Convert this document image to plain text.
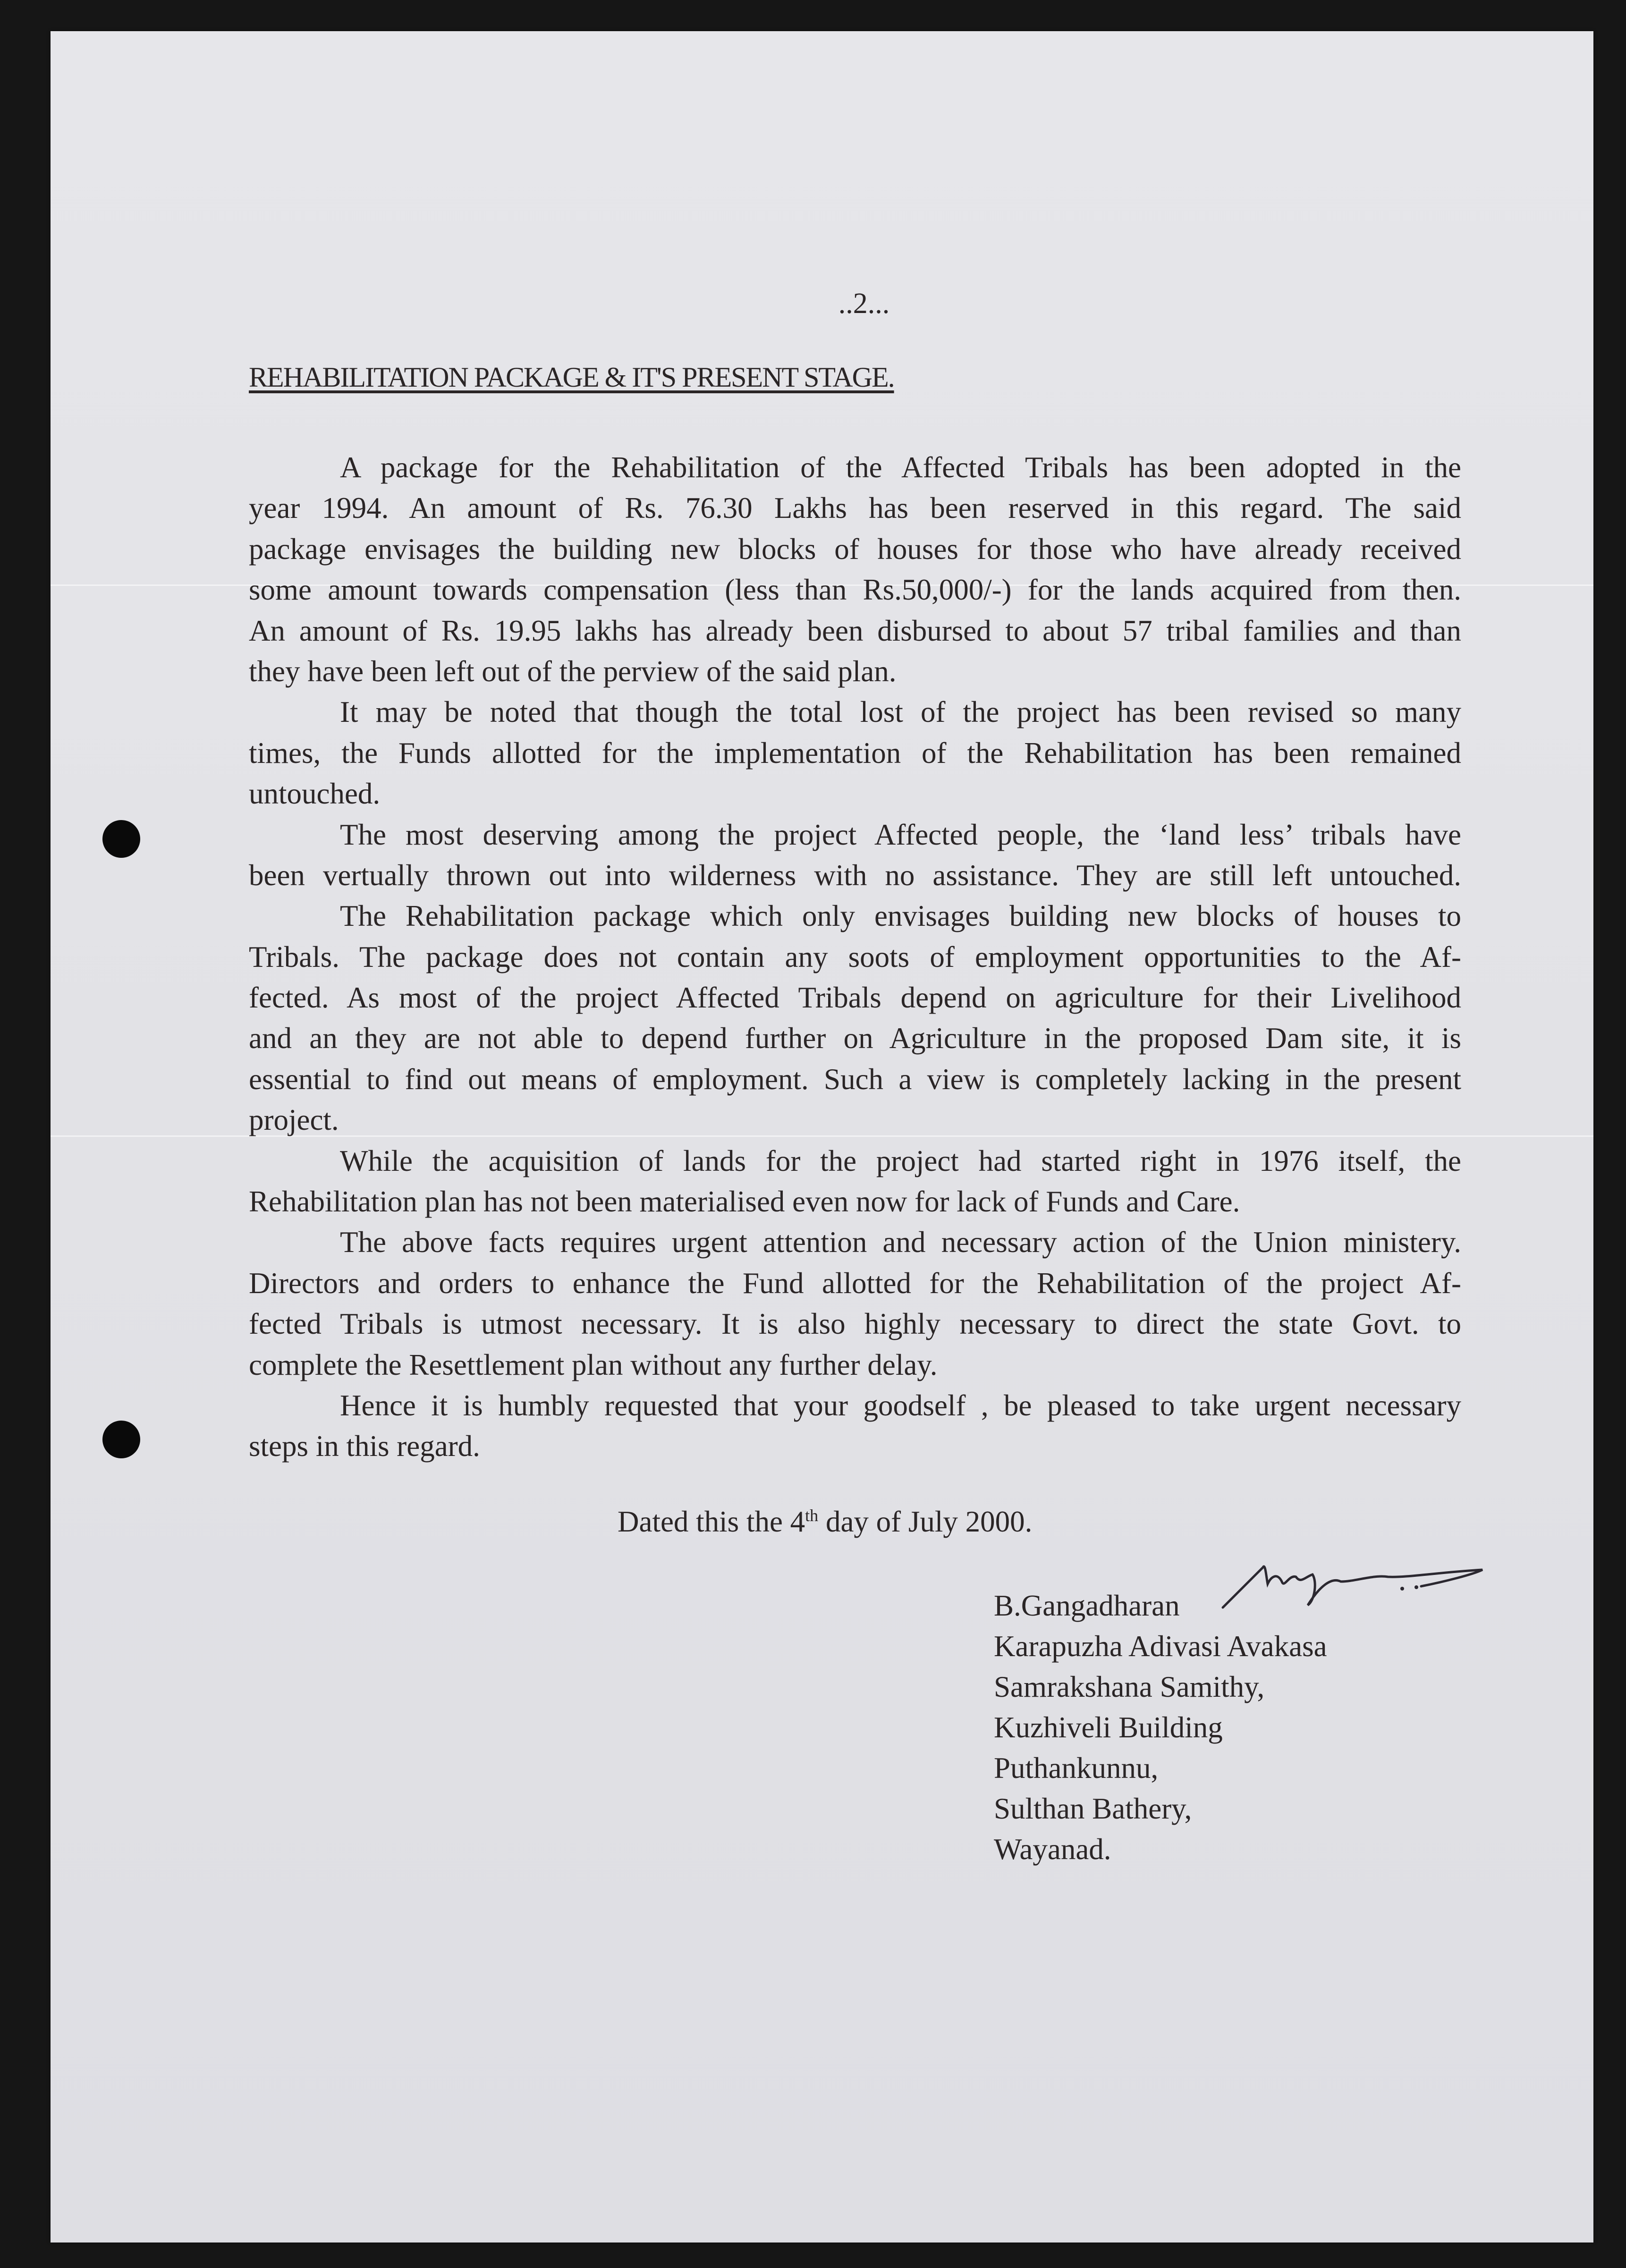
..2...
REHABILITATION PACKAGE & IT'S PRESENT STAGE.
A package for the Rehabilitation of the Affected Tribals has been adopted in the
year 1994. An amount of Rs. 76.30 Lakhs has been reserved in this regard. The said
package envisages the building new blocks of houses for those who have already received
some amount towards compensation (less than Rs.50,000/-) for the lands acquired from then.
An amount of Rs. 19.95 lakhs has already been disbursed to about 57 tribal families and than
they have been left out of the perview of the said plan.
It may be noted that though the total lost of the project has been revised so many
times, the Funds allotted for the implementation of the Rehabilitation has been remained
untouched.
The most deserving among the project Affected people, the ‘land less’ tribals have
been vertually thrown out into wilderness with no assistance. They are still left untouched.
The Rehabilitation package which only envisages building new blocks of houses to
Tribals. The package does not contain any soots of employment opportunities to the Af-
fected. As most of the project Affected Tribals depend on agriculture for their Livelihood
and an they are not able to depend further on Agriculture in the proposed Dam site, it is
essential to find out means of employment. Such a view is completely lacking in the present
project.
While the acquisition of lands for the project had started right in 1976 itself, the
Rehabilitation plan has not been materialised even now for lack of Funds and Care.
The above facts requires urgent attention and necessary action of the Union ministery.
Directors and orders to enhance the Fund allotted for the Rehabilitation of the project Af-
fected Tribals is utmost necessary. It is also highly necessary to direct the state Govt. to
complete the Resettlement plan without any further delay.
Hence it is humbly requested that your goodself , be pleased to take urgent necessary
steps in this regard.
Dated this the 4th day of July 2000.
B.Gangadharan
Karapuzha Adivasi Avakasa
Samrakshana Samithy,
Kuzhiveli Building
Puthankunnu,
Sulthan Bathery,
Wayanad.
